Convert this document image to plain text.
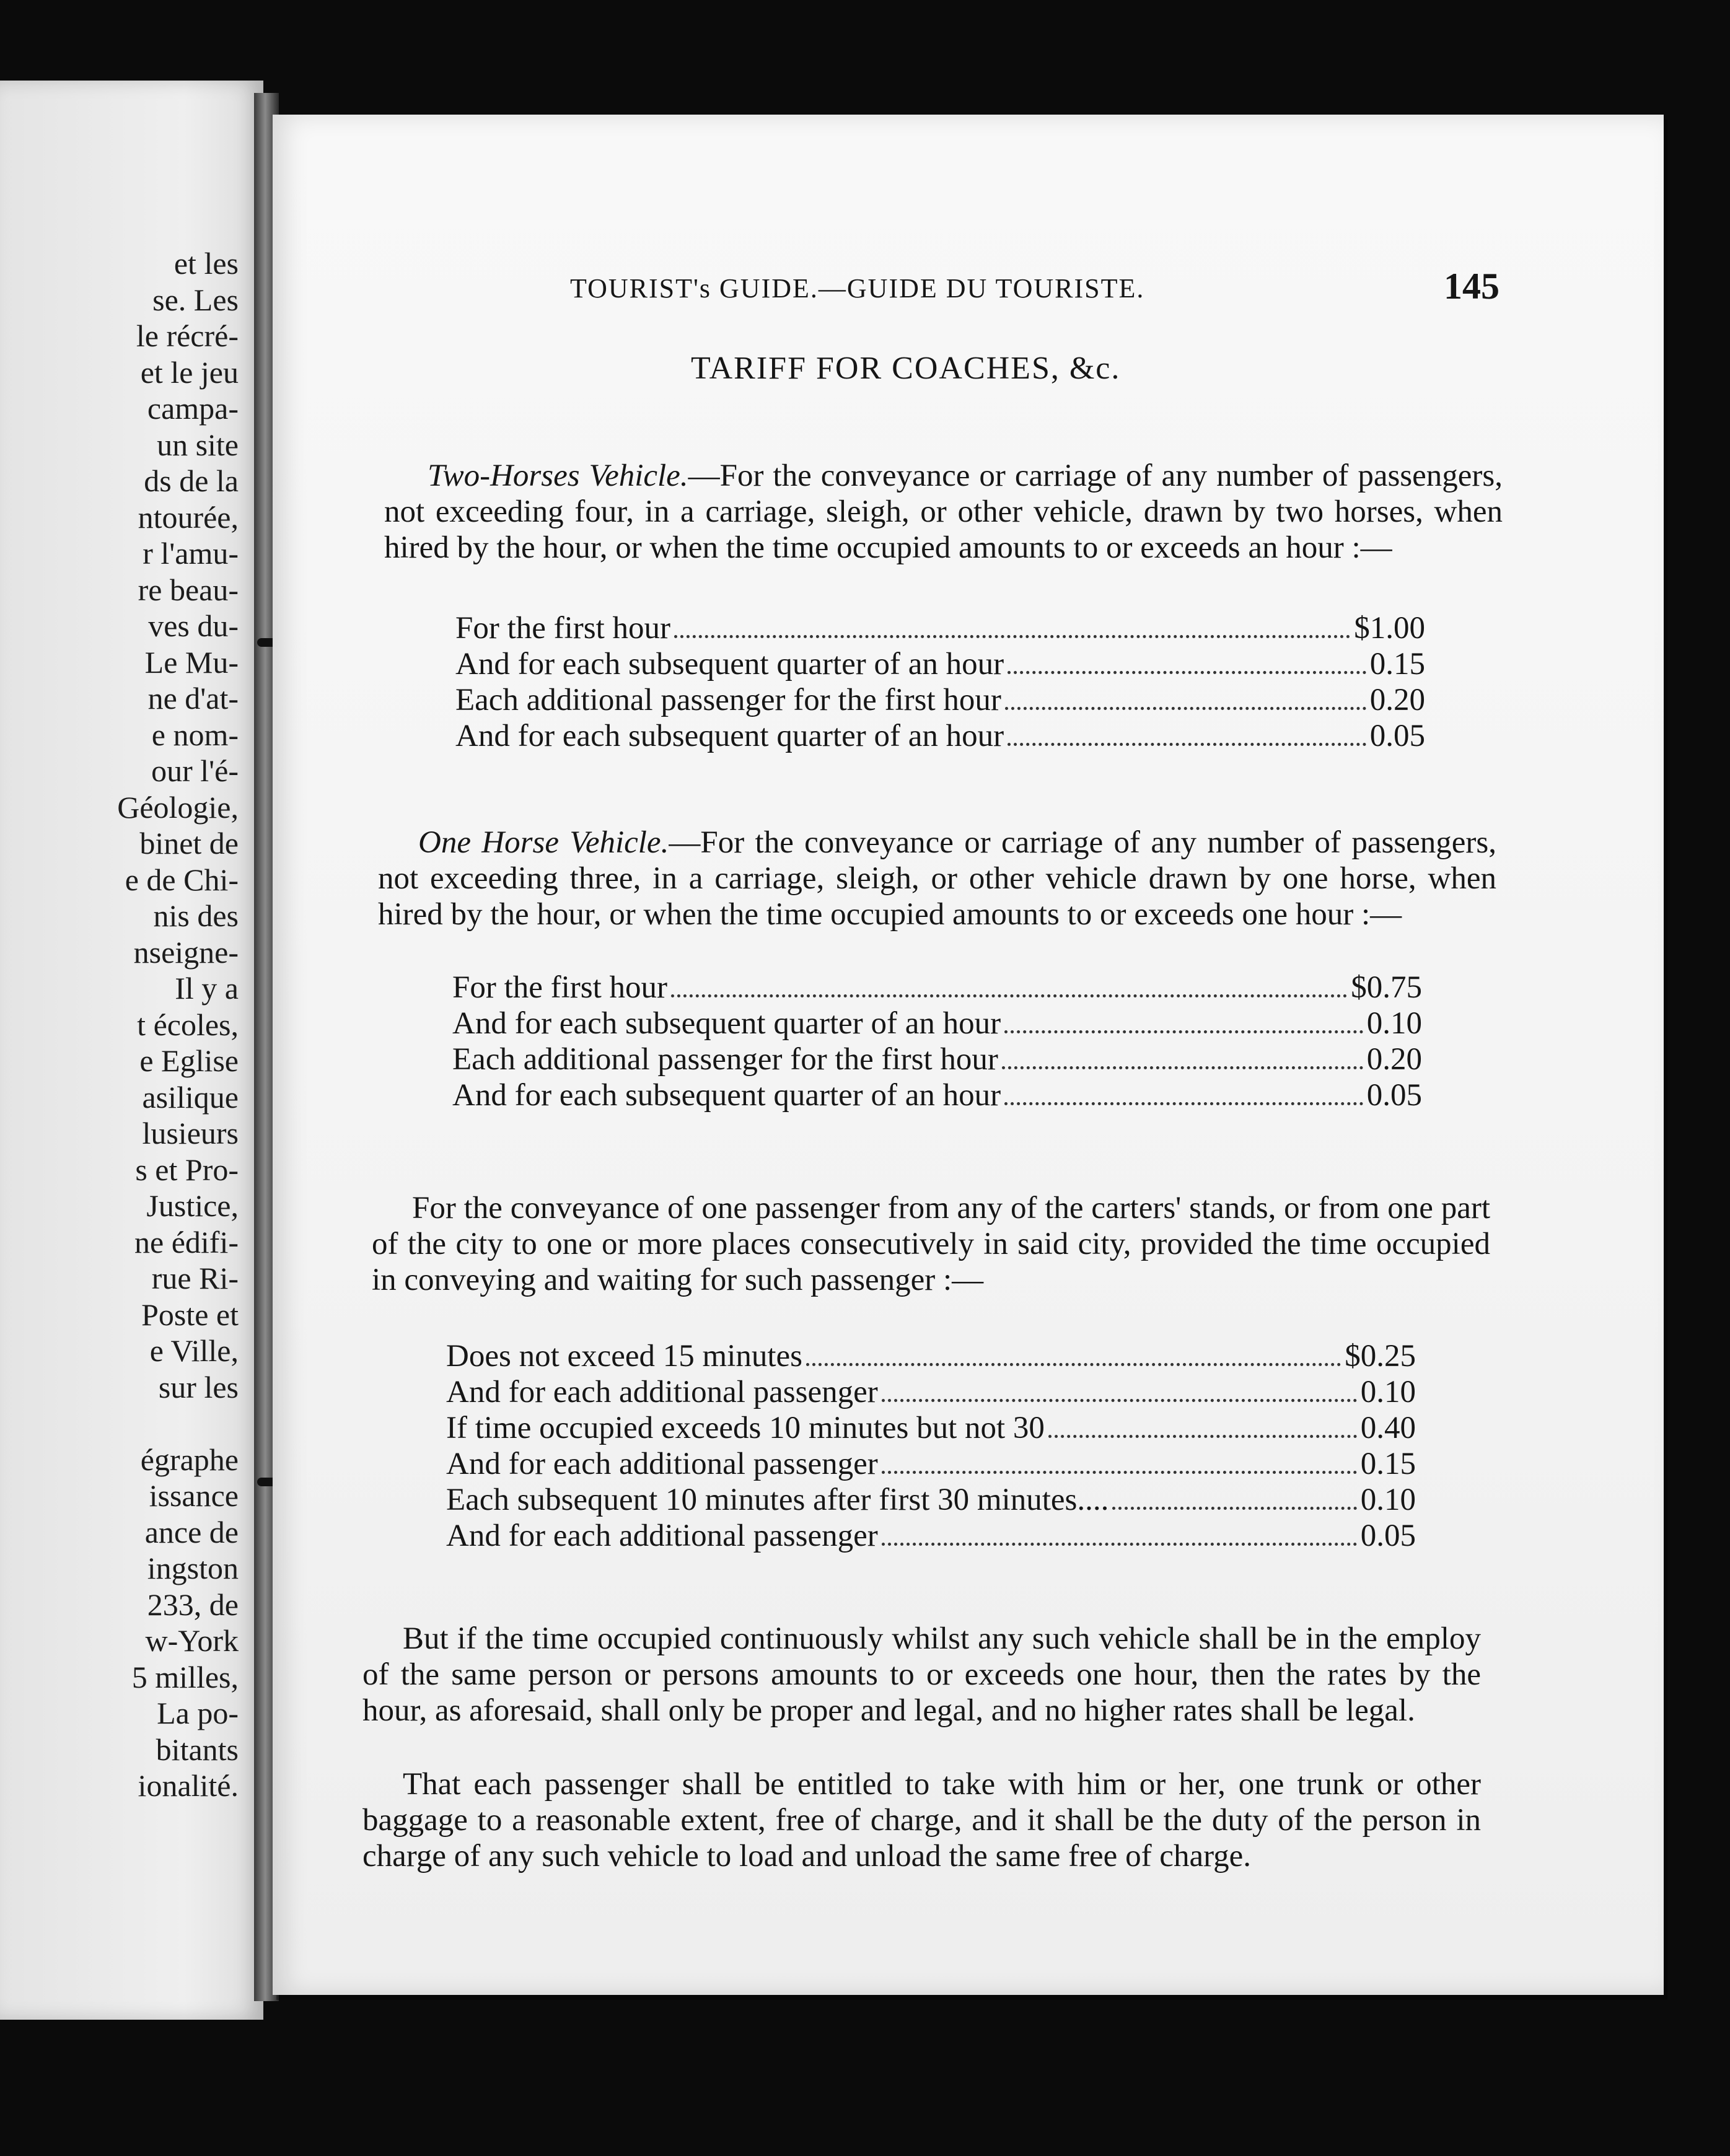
et les
se. Les
le récré-
et le jeu
campa-
un site
ds de la
ntourée,
r l'amu-
re beau-
ves du-
Le Mu-
ne d'at-
e nom-
our l'é-
Géologie,
binet de
e de Chi-
nis des
nseigne-
Il y a
t écoles,
e Eglise
asilique
lusieurs
s et Pro-
Justice,
ne édifi-
rue Ri-
Poste et
e Ville,
sur les
égraphe
issance
ance de
ingston
233, de
w-York
5 milles,
La po-
bitants
ionalité.
TOURIST's GUIDE.—GUIDE DU TOURISTE.	145
TARIFF FOR COACHES, &c.

Two-Horses Vehicle.—For the conveyance or carriage of any number of passengers, not exceeding four, in a carriage, sleigh, or other vehicle, drawn by two horses, when hired by the hour, or when the time occupied amounts to or exceeds an hour :—

For the first hour	$1.00
And for each subsequent quarter of an hour	0.15
Each additional passenger for the first hour	0.20
And for each subsequent quarter of an hour	0.05

One Horse Vehicle.—For the conveyance or carriage of any number of passengers, not exceeding three, in a carriage, sleigh, or other vehicle drawn by one horse, when hired by the hour, or when the time occupied amounts to or exceeds one hour :—

For the first hour	$0.75
And for each subsequent quarter of an hour	0.10
Each additional passenger for the first hour	0.20
And for each subsequent quarter of an hour	0.05

For the conveyance of one passenger from any of the carters' stands, or from one part of the city to one or more places consecutively in said city, provided the time occupied in conveying and waiting for such passenger :—

Does not exceed 15 minutes	$0.25
And for each additional passenger	0.10
If time occupied exceeds 10 minutes but not 30	0.40
And for each additional passenger	0.15
Each subsequent 10 minutes after first 30 minutes....	0.10
And for each additional passenger	0.05

But if the time occupied continuously whilst any such vehicle shall be in the employ of the same person or persons amounts to or exceeds one hour, then the rates by the hour, as aforesaid, shall only be proper and legal, and no higher rates shall be legal.

That each passenger shall be entitled to take with him or her, one trunk or other baggage to a reasonable extent, free of charge, and it shall be the duty of the person in charge of any such vehicle to load and unload the same free of charge.
